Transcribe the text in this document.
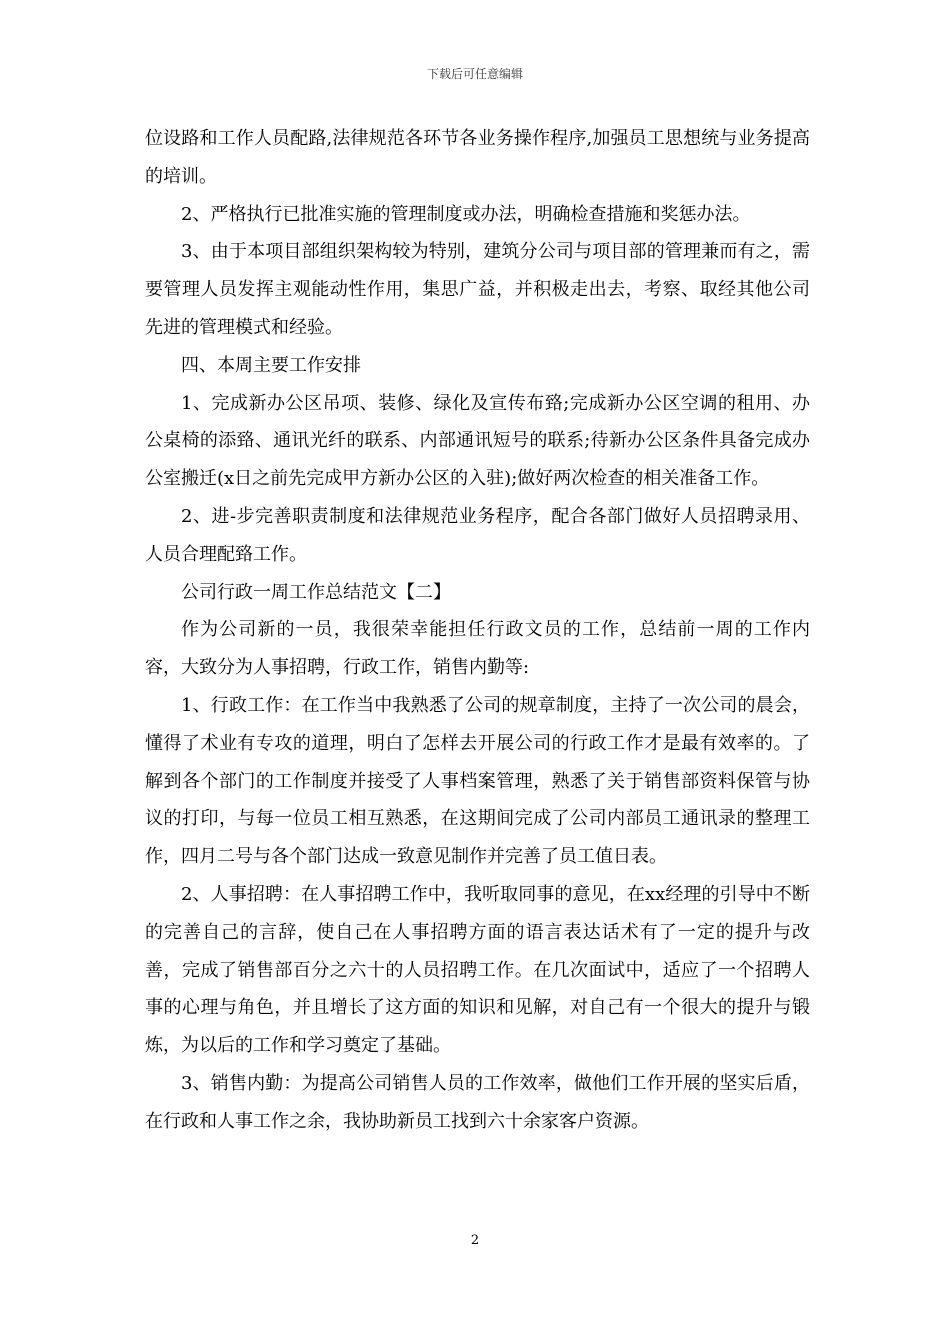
下载后可任意编辑

位设路和工作人员配路,法律规范各环节各业务操作程序,加强员工思想统与业务提高的培训。

2、严格执行已批准实施的管理制度或办法，明确检查措施和奖惩办法。

3、由于本项目部组织架构较为特别，建筑分公司与项目部的管理兼而有之，需要管理人员发挥主观能动性作用，集思广益，并积极走出去，考察、取经其他公司先进的管理模式和经验。

四、本周主要工作安排

1、完成新办公区吊项、装修、绿化及宣传布臵;完成新办公区空调的租用、办公桌椅的添臵、通讯光纤的联系、内部通讯短号的联系;待新办公区条件具备完成办公室搬迁(x日之前先完成甲方新办公区的入驻);做好两次检查的相关准备工作。

2、进-步完善职责制度和法律规范业务程序，配合各部门做好人员招聘录用、人员合理配臵工作。

公司行政一周工作总结范文【二】

作为公司新的一员，我很荣幸能担任行政文员的工作，总结前一周的工作内容，大致分为人事招聘，行政工作，销售内勤等:

1、行政工作：在工作当中我熟悉了公司的规章制度，主持了一次公司的晨会，懂得了术业有专攻的道理，明白了怎样去开展公司的行政工作才是最有效率的。了解到各个部门的工作制度并接受了人事档案管理，熟悉了关于销售部资料保管与协议的打印，与每一位员工相互熟悉，在这期间完成了公司内部员工通讯录的整理工作，四月二号与各个部门达成一致意见制作并完善了员工值日表。

2、人事招聘：在人事招聘工作中，我听取同事的意见，在xx经理的引导中不断的完善自己的言辞，使自己在人事招聘方面的语言表达话术有了一定的提升与改善，完成了销售部百分之六十的人员招聘工作。在几次面试中，适应了一个招聘人事的心理与角色，并且增长了这方面的知识和见解，对自己有一个很大的提升与锻炼，为以后的工作和学习奠定了基础。

3、销售内勤：为提高公司销售人员的工作效率，做他们工作开展的坚实后盾，在行政和人事工作之余，我协助新员工找到六十余家客户资源。

2
